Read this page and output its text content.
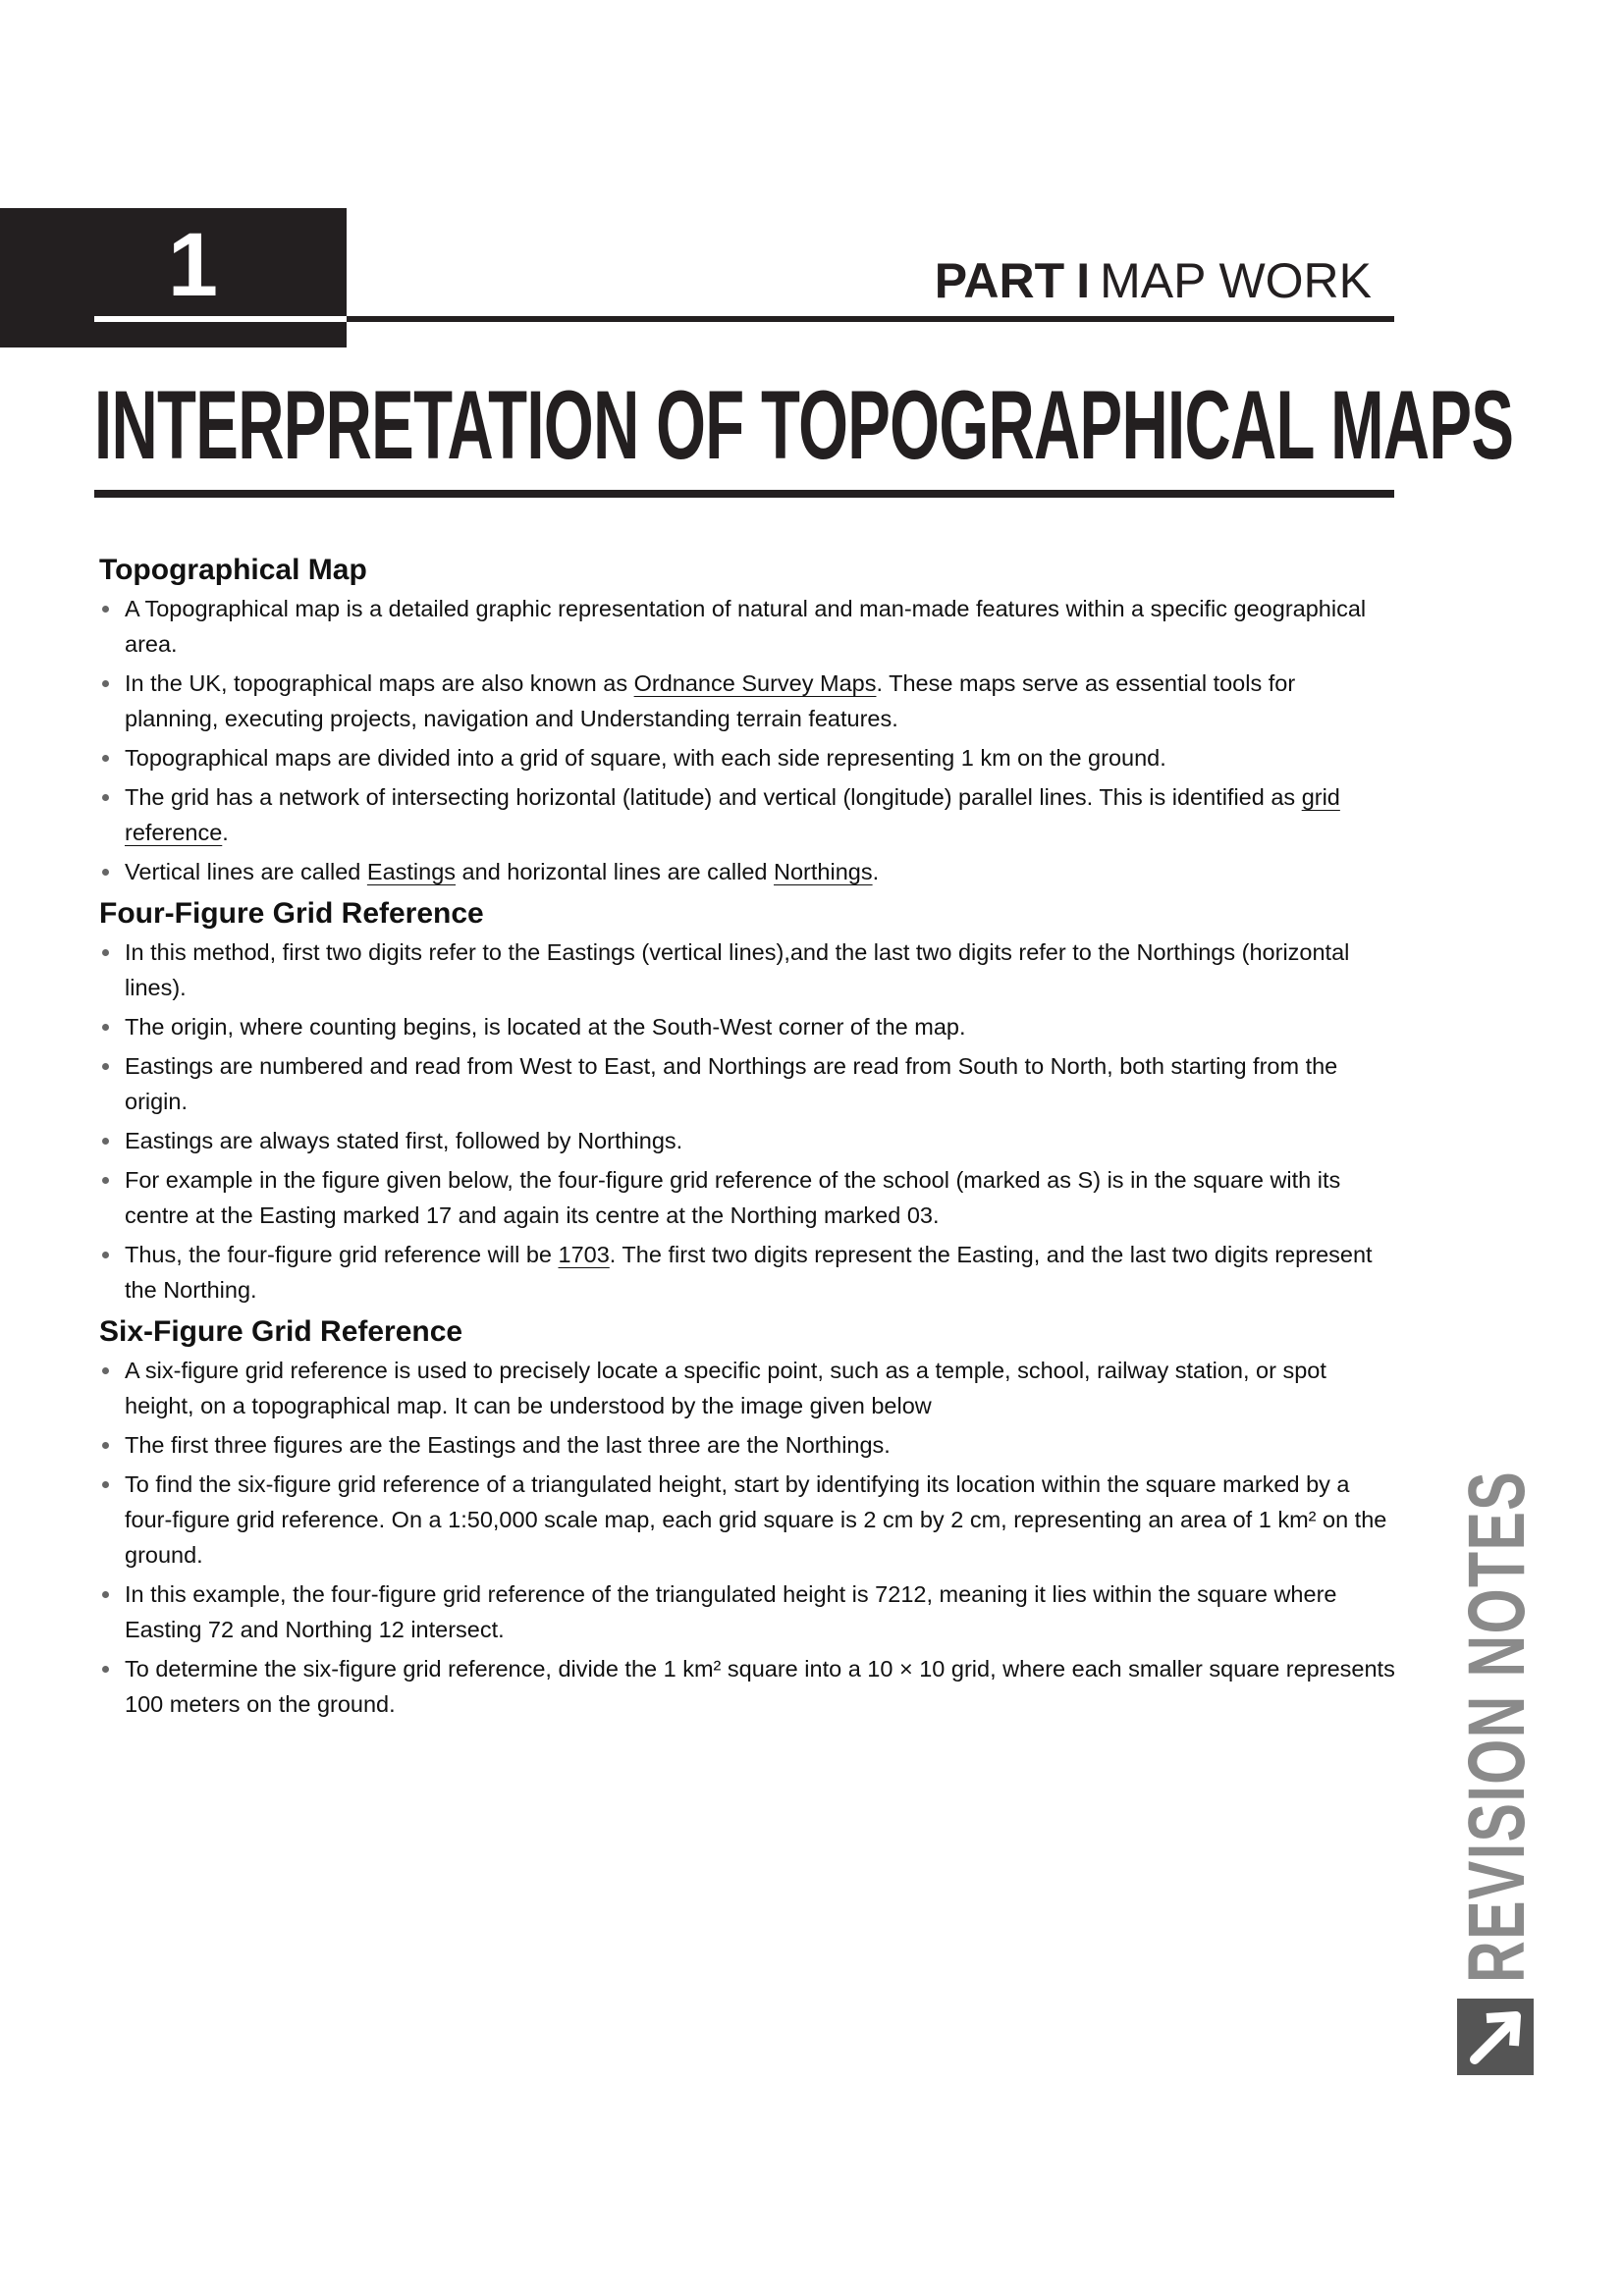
1	PART I MAP WORK
INTERPRETATION OF TOPOGRAPHICAL MAPS
Topographical Map
A Topographical map is a detailed graphic representation of natural and man-made features within a specific geographical area.
In the UK, topographical maps are also known as Ordnance Survey Maps. These maps serve as essential tools for planning, executing projects, navigation and Understanding terrain features.
Topographical maps are divided into a grid of square, with each side representing 1 km on the ground.
The grid has a network of intersecting horizontal (latitude) and vertical (longitude) parallel lines. This is identified as grid reference.
Vertical lines are called Eastings and horizontal lines are called Northings.
Four-Figure Grid Reference
In this method, first two digits refer to the Eastings (vertical lines),and the last two digits refer to the Northings (horizontal lines).
The origin, where counting begins, is located at the South-West corner of the map.
Eastings are numbered and read from West to East, and Northings are read from South to North, both starting from the origin.
Eastings are always stated first, followed by Northings.
For example in the figure given below, the four-figure grid reference of the school (marked as S) is in the square with its centre at the Easting marked 17 and again its centre at the Northing marked 03.
Thus, the four-figure grid reference will be 1703. The first two digits represent the Easting, and the last two digits represent the Northing.
Six-Figure Grid Reference
A six-figure grid reference is used to precisely locate a specific point, such as a temple, school, railway station, or spot height, on a topographical map. It can be understood by the image given below
The first three figures are the Eastings and the last three are the Northings.
To find the six-figure grid reference of a triangulated height, start by identifying its location within the square marked by a four-figure grid reference. On a 1:50,000 scale map, each grid square is 2 cm by 2 cm, representing an area of 1 km² on the ground.
In this example, the four-figure grid reference of the triangulated height is 7212, meaning it lies within the square where Easting 72 and Northing 12 intersect.
To determine the six-figure grid reference, divide the 1 km² square into a 10 × 10 grid, where each smaller square represents 100 meters on the ground.	REVISION NOTES
